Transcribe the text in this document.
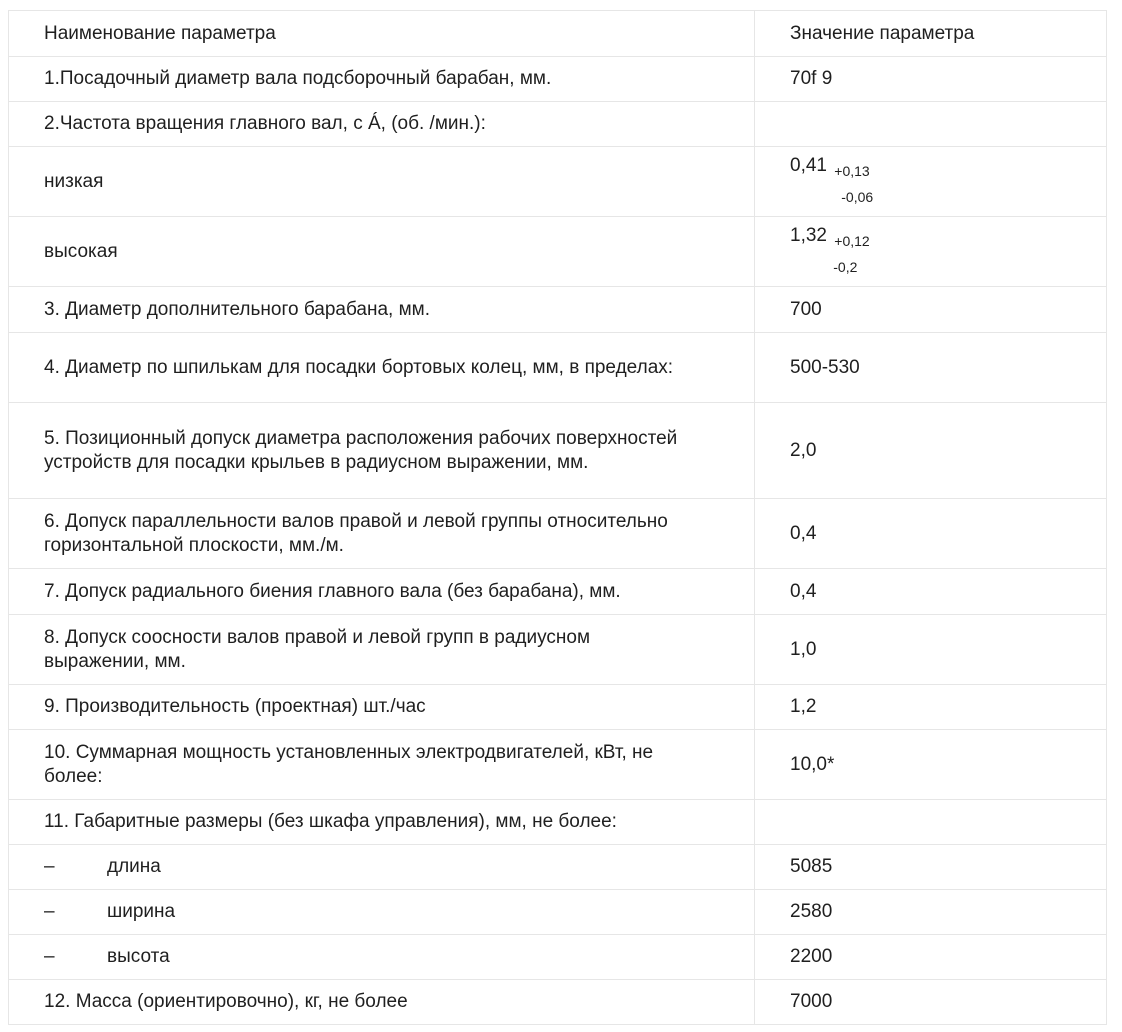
Наименование параметра	Значение параметра
1.Посадочный диаметр вала подсборочный барабан, мм.	70f 9
2.Частота вращения главного вал, с Á, (об. /мин.):	
низкая	0,41 +0,13
-0,06

высокая	1,32 +0,12
-0,2

3. Диаметр дополнительного барабана, мм.	700
4. Диаметр по шпилькам для посадки бортовых колец, мм, в пределах:	500-530
5. Позиционный допуск диаметра расположения рабочих поверхностей устройств для посадки крыльев в радиусном выражении, мм.	2,0
6. Допуск параллельности валов правой и левой группы относительно горизонтальной плоскости, мм./м.	0,4
7. Допуск радиального биения главного вала (без барабана), мм.	0,4
8. Допуск соосности валов правой и левой групп в радиусном выражении, мм.	1,0
9. Производительность (проектная) шт./час	1,2
10. Суммарная мощность установленных электродвигателей, кВт, не более:	10,0*
11. Габаритные размеры (без шкафа управления), мм, не более:	
– длина	5085
– ширина	2580
– высота	2200
12. Масса (ориентировочно), кг, не более	7000
